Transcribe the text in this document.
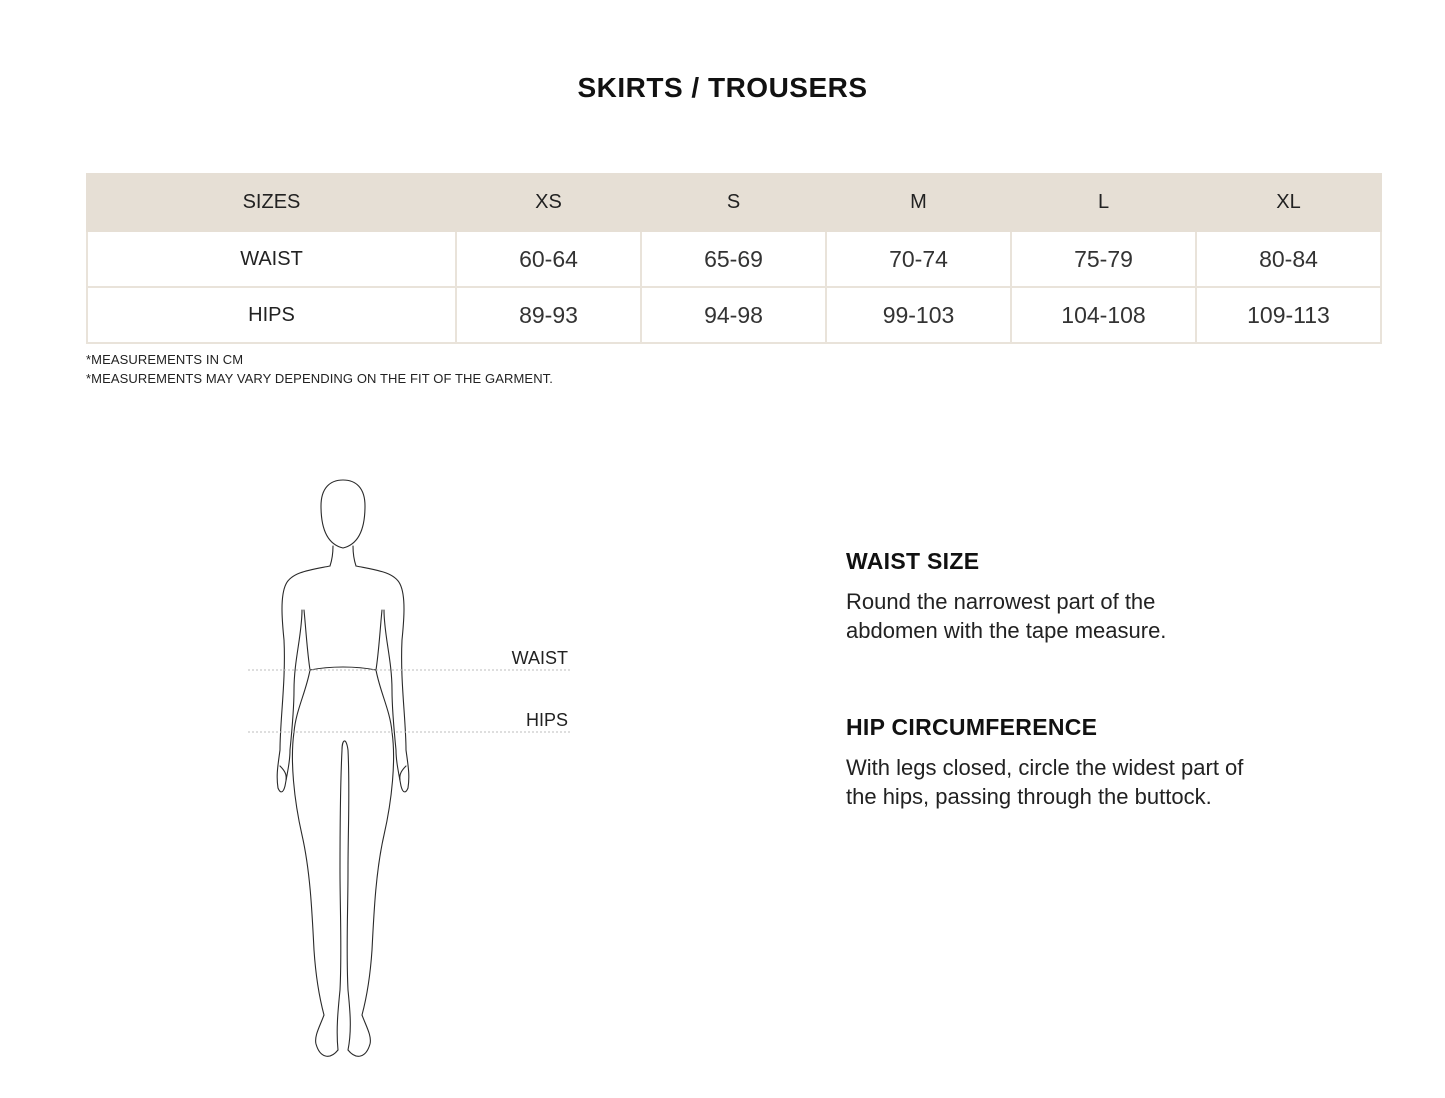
SKIRTS / TROUSERS
SIZES	XS	S	M	L	XL
WAIST	60-64	65-69	70-74	75-79	80-84
HIPS	89-93	94-98	99-103	104-108	109-113
*MEASUREMENTS IN CM
*MEASUREMENTS MAY VARY DEPENDING ON THE FIT OF THE GARMENT.
WAIST
HIPS
WAIST SIZE

Round the narrowest part of the
abdomen with the tape measure.

HIP CIRCUMFERENCE

With legs closed, circle the widest part of
the hips, passing through the buttock.
